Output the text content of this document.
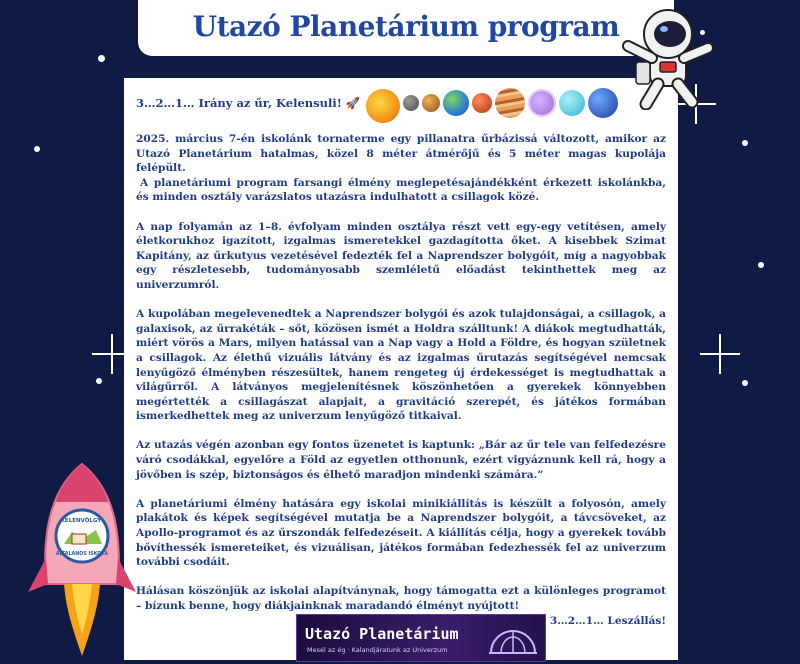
Utazó Planetárium program
3…2…1… Irány az űr, Kelensuli! 🚀

2025. március 7-én iskolánk tornaterme egy pillanatra űrbázissá változott, amikor az Utazó Planetárium hatalmas, közel 8 méter átmérőjű és 5 méter magas kupolája felépült.

A planetáriumi program farsangi élmény meglepetésajándékként érkezett iskolánkba, és minden osztály varázslatos utazásra indulhatott a csillagok közé.

A nap folyamán az 1–8. évfolyam minden osztálya részt vett egy-egy vetítésen, amely életkorukhoz igazított, izgalmas ismeretekkel gazdagította őket. A kisebbek Szimat Kapitány, az űrkutyus vezetésével fedezték fel a Naprendszer bolygóit, míg a nagyobbak egy részletesebb, tudományosabb szemléletű előadást tekinthettek meg az univerzumról.

A kupolában megelevenedtek a Naprendszer bolygói és azok tulajdonságai, a csillagok, a galaxisok, az űrrakéták – sőt, közösen ismét a Holdra szálltunk! A diákok megtudhatták, miért vörös a Mars, milyen hatással van a Nap vagy a Hold a Földre, és hogyan születnek a csillagok. Az élethű vizuális látvány és az izgalmas űrutazás segítségével nemcsak lenyűgöző élményben részesültek, hanem rengeteg új érdekességet is megtudhattak a világűrről. A látványos megjelenítésnek köszönhetően a gyerekek könnyebben megértették a csillagászat alapjait, a gravitáció szerepét, és játékos formában ismerkedhettek meg az univerzum lenyűgöző titkaival.

Az utazás végén azonban egy fontos üzenetet is kaptunk: „Bár az űr tele van felfedezésre váró csodákkal, egyelőre a Föld az egyetlen otthonunk, ezért vigyáznunk kell rá, hogy a jövőben is szép, biztonságos és élhető maradjon mindenki számára.”

A planetáriumi élmény hatására egy iskolai minikiállítás is készült a folyosón, amely plakátok és képek segítségével mutatja be a Naprendszer bolygóit, a távcsöveket, az Apollo-programot és az űrszondák felfedezéseit. A kiállítás célja, hogy a gyerekek tovább bővíthessék ismereteiket, és vizuálisan, játékos formában fedezhessék fel az univerzum további csodáit.

Hálásan köszönjük az iskolai alapítványnak, hogy támogatta ezt a különleges programot – bízunk benne, hogy diákjainknak maradandó élményt nyújtott!

3…2…1… Leszállás!
Utazó Planetárium
Mesél az ég · Kalandjáratunk az Univerzum
KELENVÖLGYI
ÁLTALÁNOS ISKOLA
